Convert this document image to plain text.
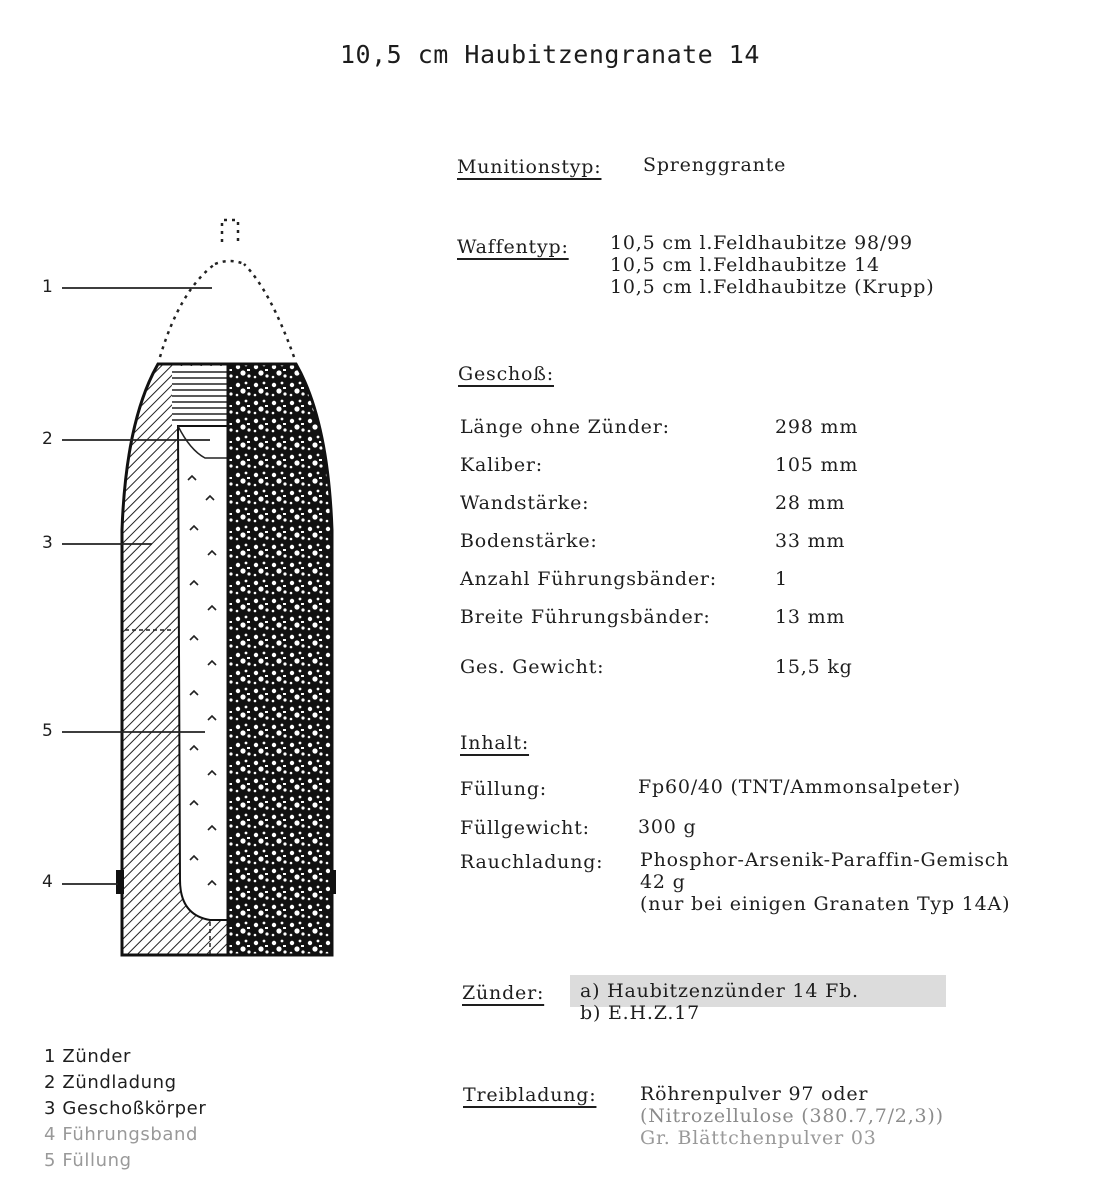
10,5 cm Haubitzengranate 14
1
2
3
4
5
1 Zünder
2 Zündladung
3 Geschoßkörper
4 Führungsband
5 Füllung
Munitionstyp: Sprenggrante
Waffentyp: 10,5 cm l.Feldhaubitze 98/99
10,5 cm l.Feldhaubitze 14
10,5 cm l.Feldhaubitze (Krupp)
Geschoß:
Länge ohne Zünder:	298 mm
Kaliber:	105 mm
Wandstärke:	28 mm
Bodenstärke:	33 mm
Anzahl Führungsbänder:	1
Breite Führungsbänder:	13 mm
Ges. Gewicht:	15,5 kg
Inhalt:
Füllung:	Fp60/40 (TNT/Ammonsalpeter)
Füllgewicht:	300 g
Rauchladung: Phosphor-Arsenik-Paraffin-Gemisch
42 g
(nur bei einigen Granaten Typ 14A)
Zünder: a) Haubitzenzünder 14 Fb.
b) E.H.Z.17
Treibladung: Röhrenpulver 97 oder
(Nitrozellulose (380.7,7/2,3))
Gr. Blättchenpulver 03
